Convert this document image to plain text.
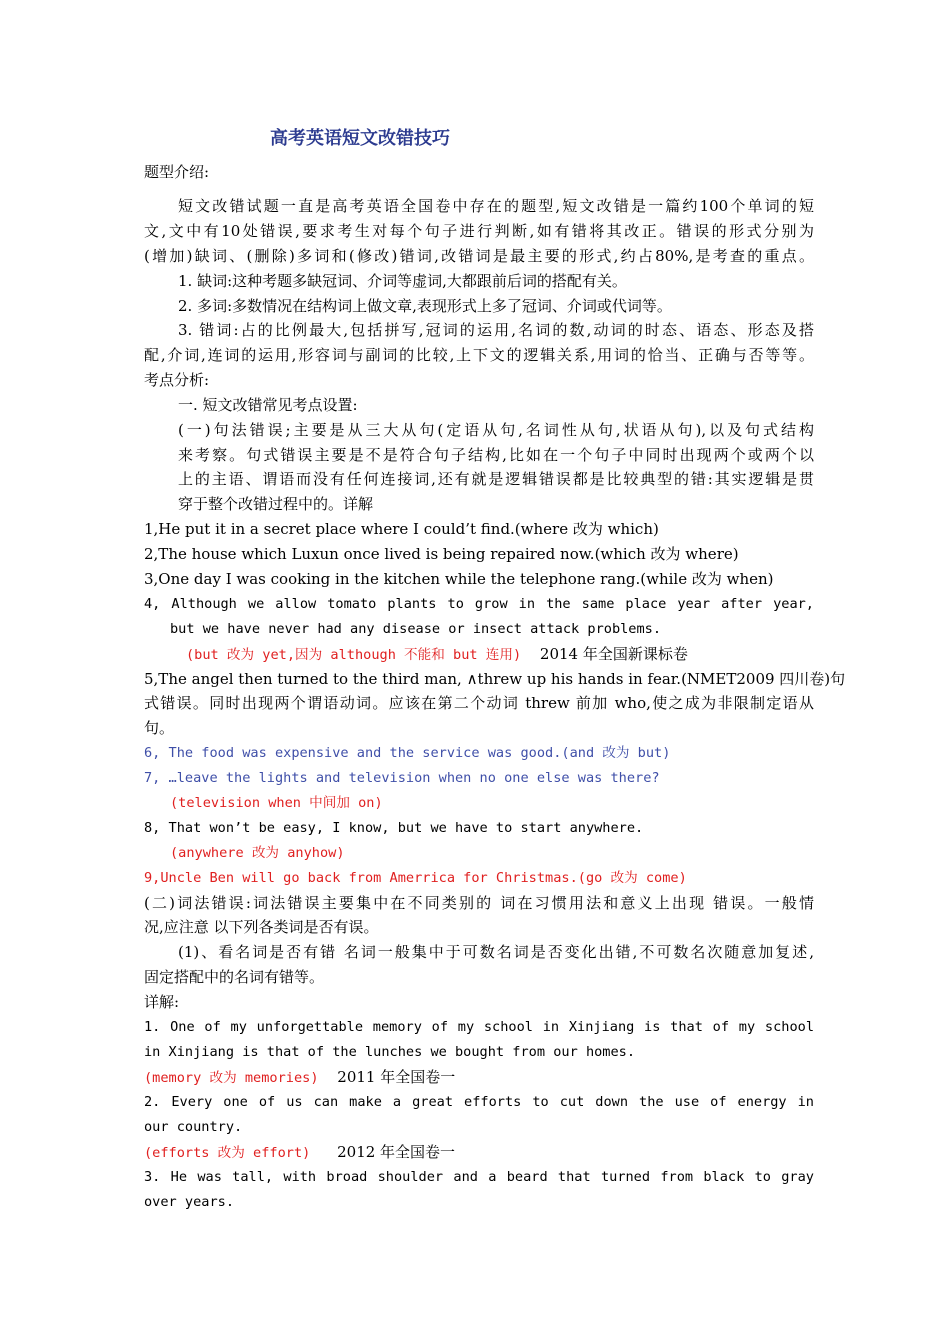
高考英语短文改错技巧
题型介绍:
短文改错试题一直是高考英语全国卷中存在的题型,短文改错是一篇约100个单词的短
文,文中有10处错误,要求考生对每个句子进行判断,如有错将其改正。错误的形式分别为
(增加)缺词、(删除)多词和(修改)错词,改错词是最主要的形式,约占80%,是考查的重点。
1. 缺词:这种考题多缺冠词、介词等虚词,大都跟前后词的搭配有关。
2. 多词:多数情况在结构词上做文章,表现形式上多了冠词、介词或代词等。
3. 错词:占的比例最大,包括拼写,冠词的运用,名词的数,动词的时态、语态、形态及搭
配,介词,连词的运用,形容词与副词的比较,上下文的逻辑关系,用词的恰当、正确与否等等。
考点分析:
一. 短文改错常见考点设置:
(一)句法错误;主要是从三大从句(定语从句,名词性从句,状语从句),以及句式结构
来考察。句式错误主要是不是符合句子结构,比如在一个句子中同时出现两个或两个以
上的主语、谓语而没有任何连接词,还有就是逻辑错误都是比较典型的错:其实逻辑是贯
穿于整个改错过程中的。详解
1,He put it in a secret place where I could’t find.(where 改为 which)
2,The house which Luxun once lived is being repaired now.(which 改为 where)
3,One day I was cooking in the kitchen while the telephone rang.(while 改为 when)
4, Although we allow tomato plants to grow in the same place year after year,
but we have never had any disease or insect attack problems.
(but 改为 yet,因为 although 不能和 but 连用) 2014 年全国新课标卷
5,The angel then turned to the third man, ∧threw up his hands in fear.(NMET2009 四川卷)句
式错误。同时出现两个谓语动词。应该在第二个动词 threw 前加 who,使之成为非限制定语从
句。
6, The food was expensive and the service was good.(and 改为 but)
7, …leave the lights and television when no one else was there?
(television when 中间加 on)
8, That won’t be easy, I know, but we have to start anywhere.
(anywhere 改为 anyhow)
9,Uncle Ben will go back from Amerrica for Christmas.(go 改为 come)
(二)词法错误:词法错误主要集中在不同类别的 词在习惯用法和意义上出现 错误。一般情
况,应注意 以下列各类词是否有误。
(1)、看名词是否有错 名词一般集中于可数名词是否变化出错,不可数名次随意加复述,
固定搭配中的名词有错等。
详解:
1. One of my unforgettable memory of my school in Xinjiang is that of my school
in Xinjiang is that of the lunches we bought from our homes.
(memory 改为 memories) 2011 年全国卷一
2. Every one of us can make a great efforts to cut down the use of energy in
our country.
(efforts 改为 effort) 2012 年全国卷一
3. He was tall, with broad shoulder and a beard that turned from black to gray
over years.
